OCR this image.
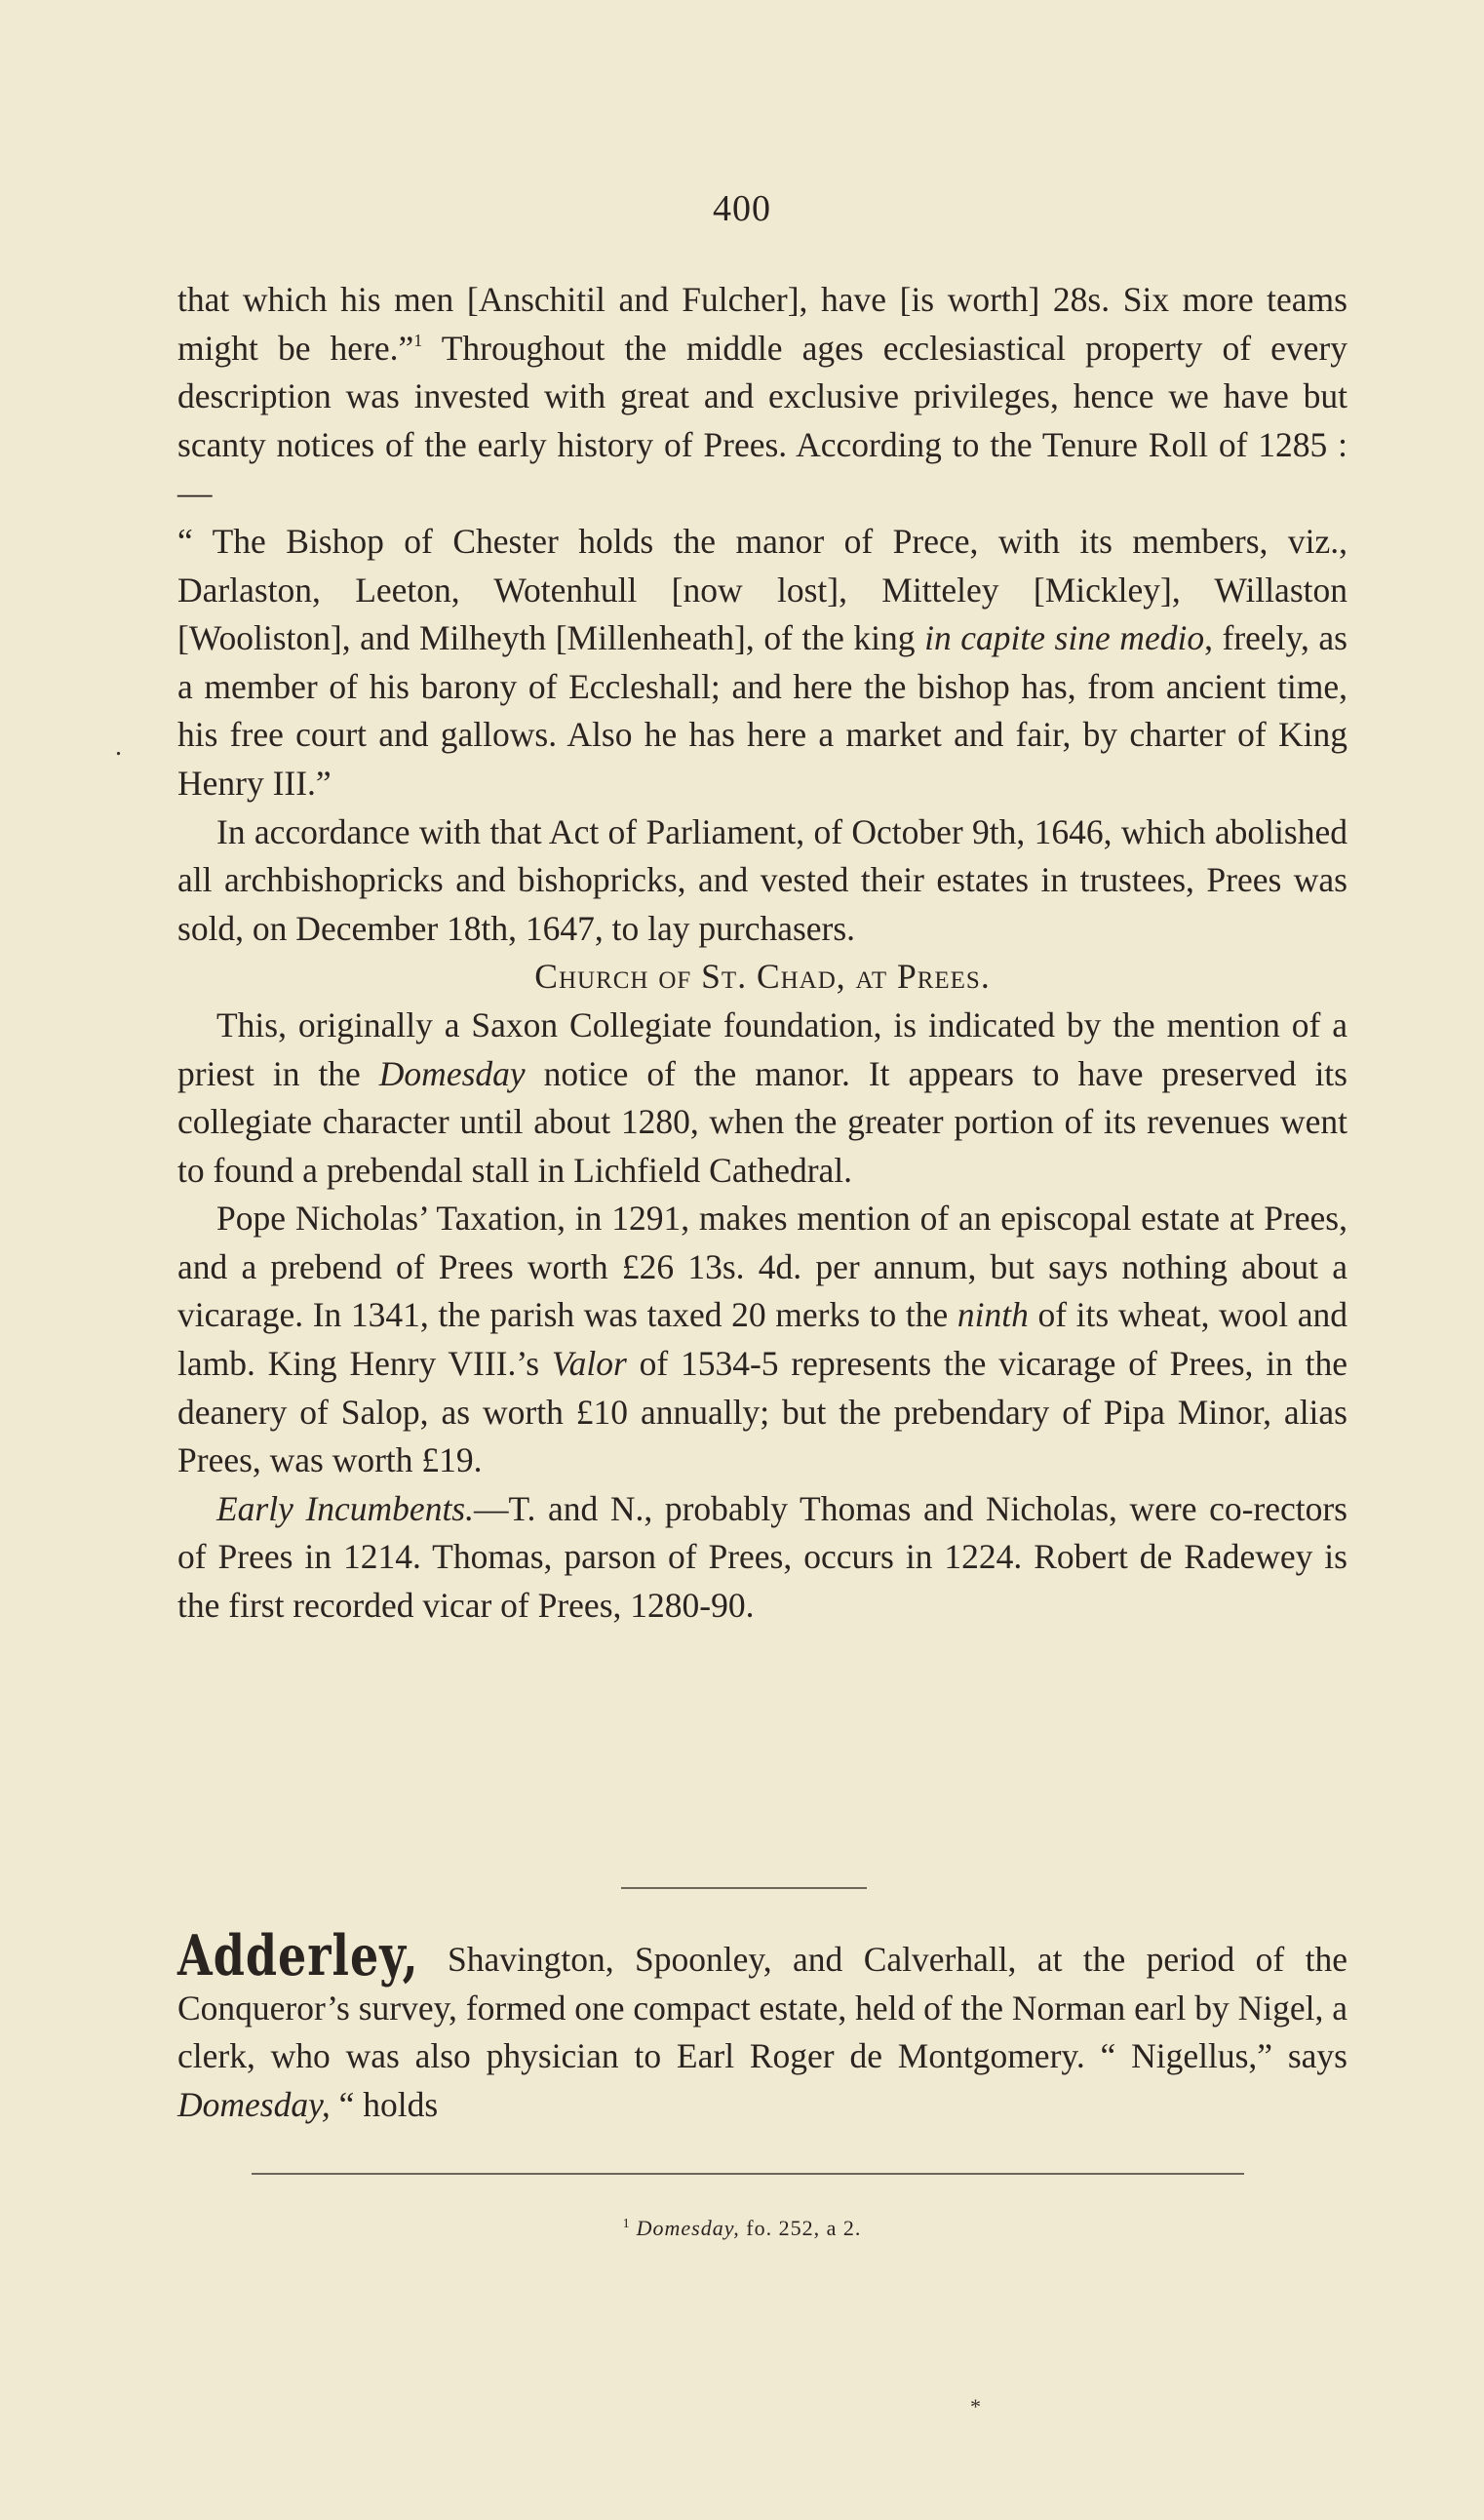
400

that which his men [Anschitil and Fulcher], have [is worth] 28s. Six more teams might be here.”$^1$ Throughout the middle ages ecclesiastical property of every description was invested with great and exclusive privileges, hence we have but scanty notices of the early history of Prees. According to the Tenure Roll of 1285 :—

“ The Bishop of Chester holds the manor of Prece, with its members, viz., Darlaston, Leeton, Wotenhull [now lost], Mitteley [Mickley], Willaston [Wooliston], and Milheyth [Millenheath], of the king in capite sine medio, freely, as a member of his barony of Eccleshall; and here the bishop has, from ancient time, his free court and gallows. Also he has here a market and fair, by charter of King Henry III.”

In accordance with that Act of Parliament, of October 9th, 1646, which abolished all archbishopricks and bishopricks, and vested their estates in trustees, Prees was sold, on December 18th, 1647, to lay purchasers.

Church of St. Chad, at Prees.

This, originally a Saxon Collegiate foundation, is indicated by the mention of a priest in the Domesday notice of the manor. It appears to have preserved its collegiate character until about 1280, when the greater portion of its revenues went to found a prebendal stall in Lichfield Cathedral.

Pope Nicholas’ Taxation, in 1291, makes mention of an episcopal estate at Prees, and a prebend of Prees worth £26 13s. 4d. per annum, but says nothing about a vicarage. In 1341, the parish was taxed 20 merks to the ninth of its wheat, wool and lamb. King Henry VIII.’s Valor of 1534-5 represents the vicarage of Prees, in the deanery of Salop, as worth £10 annually; but the prebendary of Pipa Minor, alias Prees, was worth £19.

Early Incumbents.—T. and N., probably Thomas and Nicholas, were co-rectors of Prees in 1214. Thomas, parson of Prees, occurs in 1224. Robert de Radewey is the first recorded vicar of Prees, 1280-90.

Adderley, Shavington, Spoonley, and Calverhall, at the period of the Conqueror’s survey, formed one compact estate, held of the Norman earl by Nigel, a clerk, who was also physician to Earl Roger de Montgomery. “ Nigellus,” says Domesday, “ holds

$^1$ Domesday, fo. 252, a 2.
.
*
